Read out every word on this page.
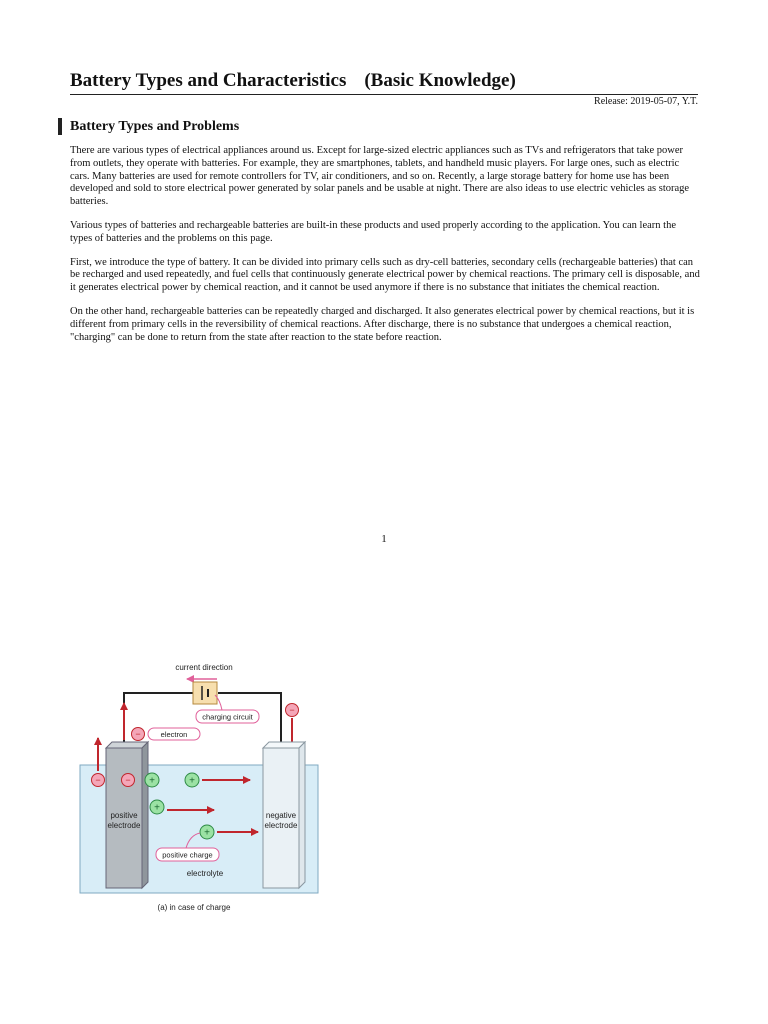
Battery Types and Characteristics (Basic Knowledge)
Release: 2019-05-07, Y.T.
Battery Types and Problems

There are various types of electrical appliances around us. Except for large-sized electric appliances such as TVs and refrigerators that take power from outlets, they operate with batteries. For example, they are smartphones, tablets, and handheld music players. For large ones, such as electric cars. Many batteries are used for remote controllers for TV, air conditioners, and so on. Recently, a large storage battery for home use has been developed and sold to store electrical power generated by solar panels and be usable at night. There are also ideas to use electric vehicles as storage batteries.

Various types of batteries and rechargeable batteries are built-in these products and used properly according to the application. You can learn the types of batteries and the problems on this page.

First, we introduce the type of battery. It can be divided into primary cells such as dry-cell batteries, secondary cells (rechargeable batteries) that can be recharged and used repeatedly, and fuel cells that continuously generate electrical power by chemical reactions. The primary cell is disposable, and it generates electrical power by chemical reaction, and it cannot be used anymore if there is no substance that initiates the chemical reaction.

On the other hand, rechargeable batteries can be repeatedly charged and discharged. It also generates electrical power by chemical reactions, but it is different from primary cells in the reversibility of chemical reactions. After discharge, there is no substance that undergoes a chemical reaction, "charging" can be done to return from the state after reaction to the state before reaction.

1
current direction
charging circuit
−	electron
−
positive
electrode
negative
electrode
−	− +	+
+
+
positive charge
electrolyte
(a) in case of charge
